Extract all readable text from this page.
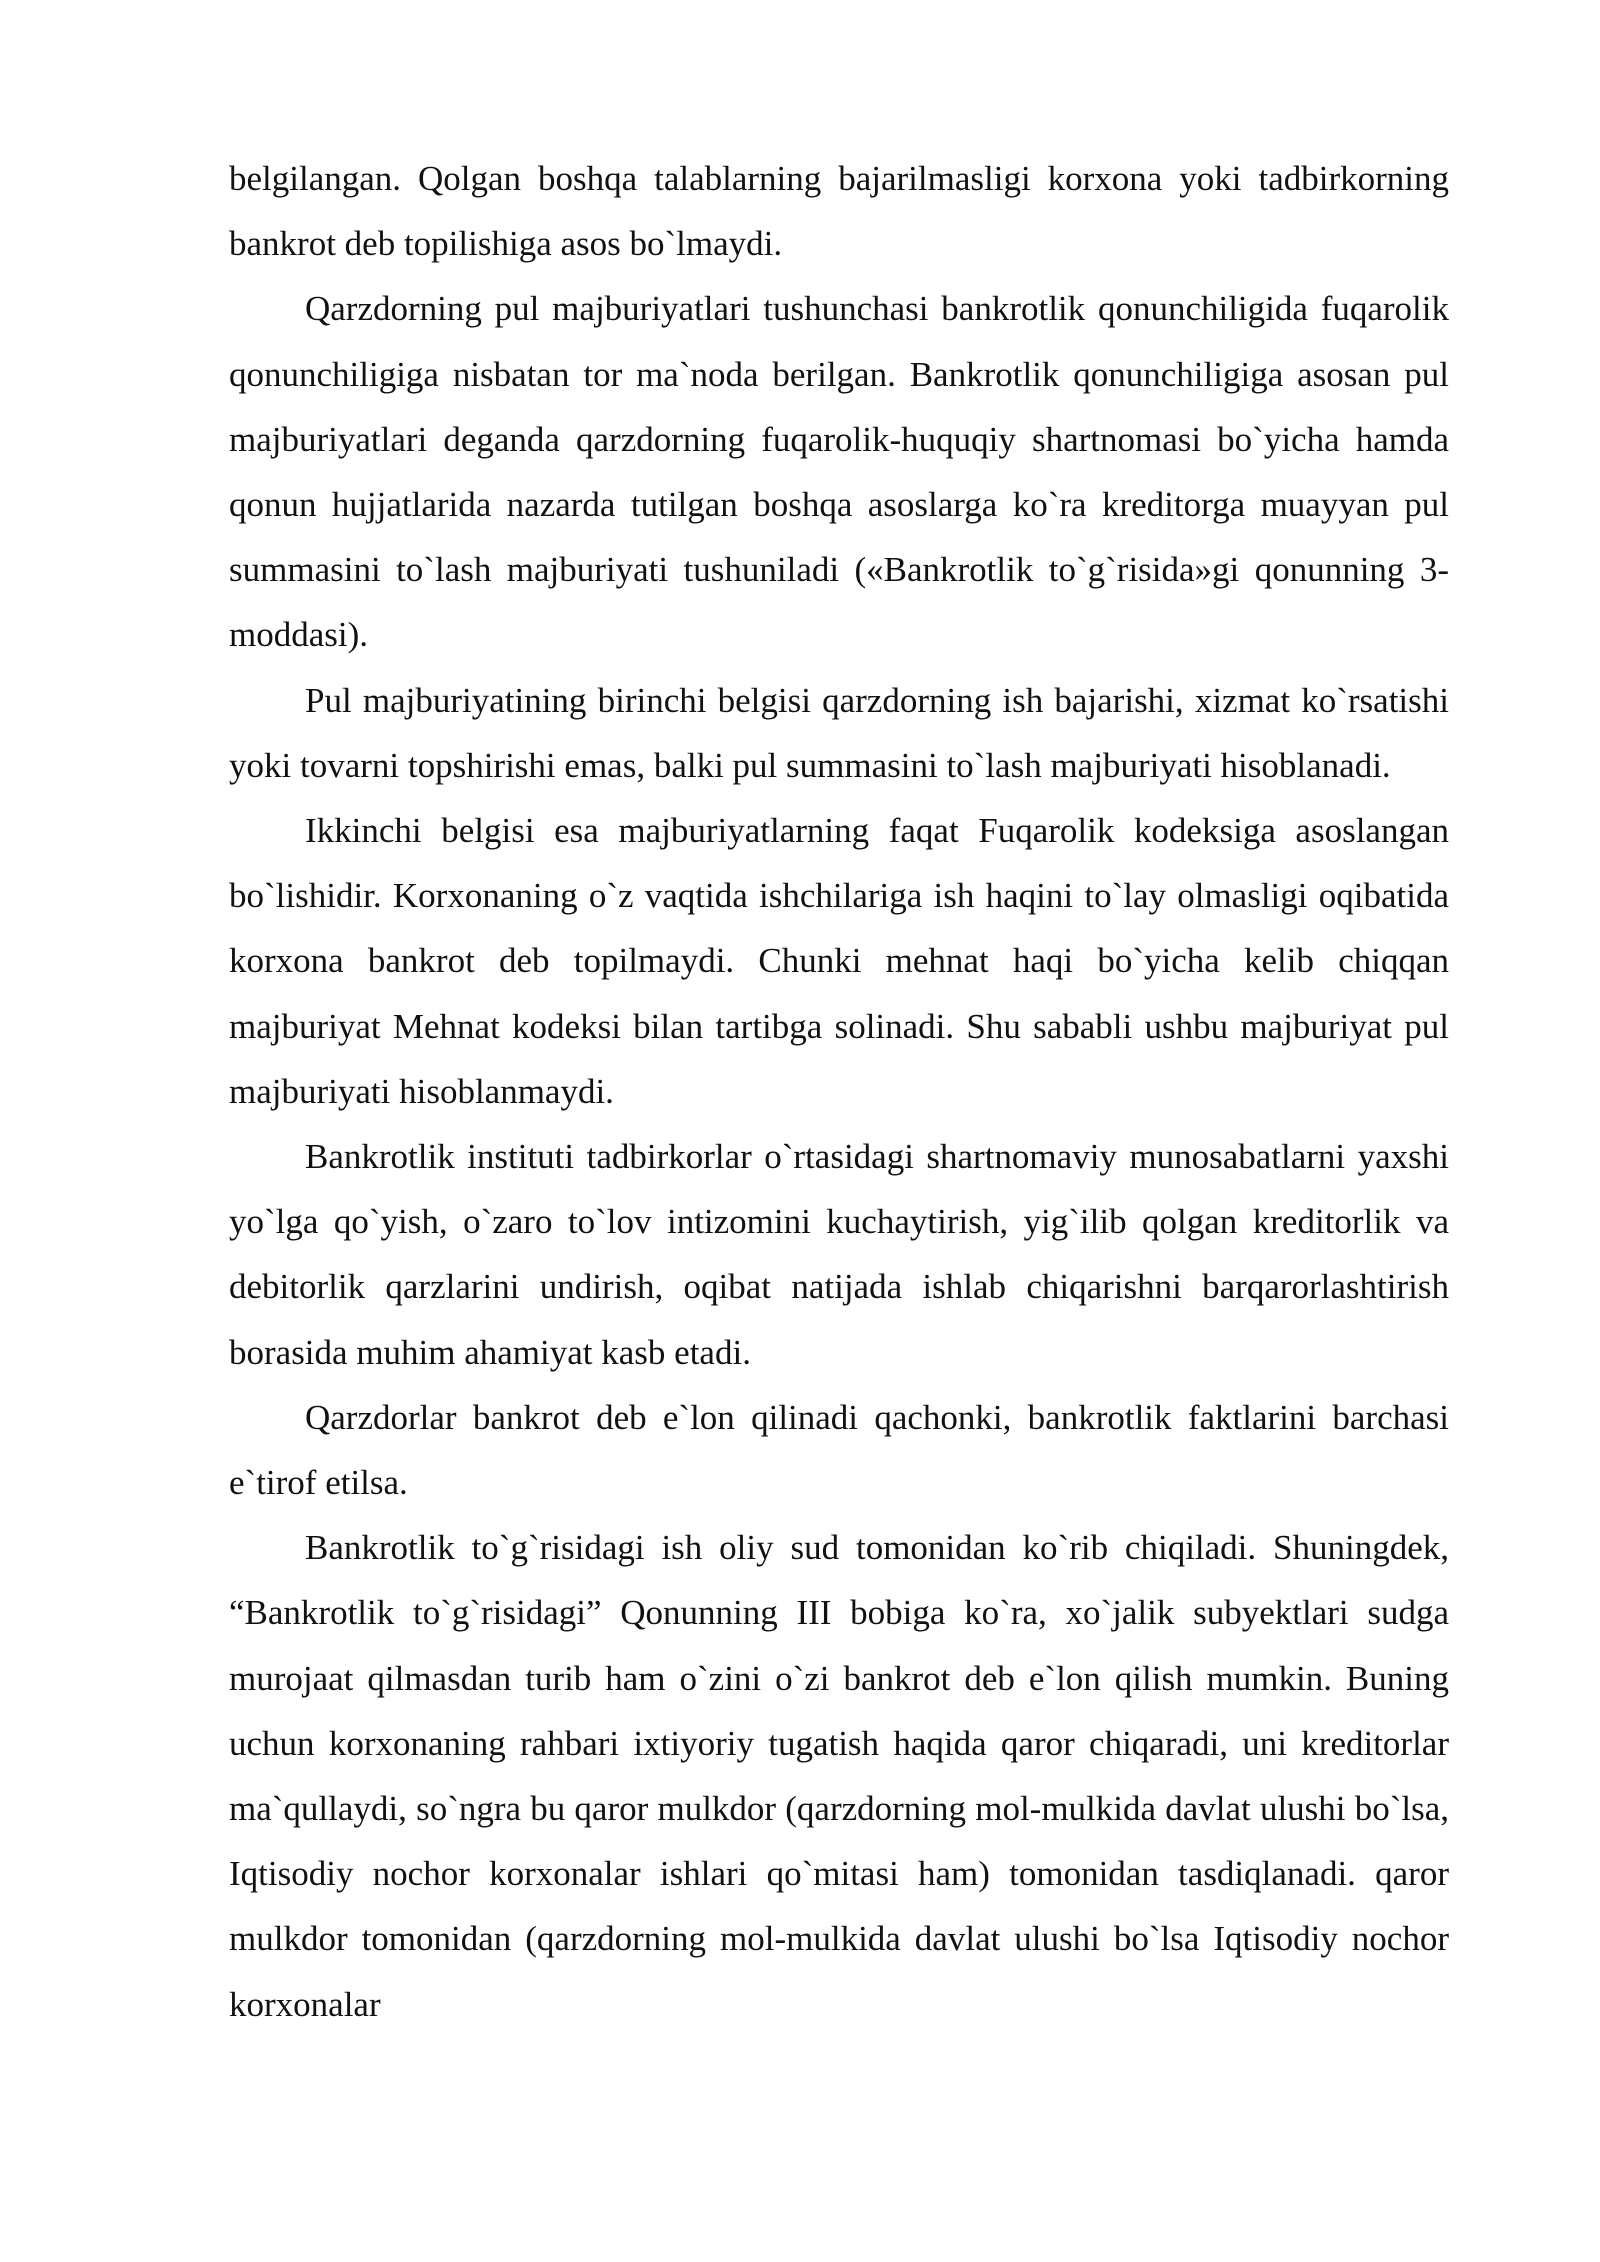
belgilangan. Qolgan boshqa talablarning bajarilmasligi korxona yoki tadbirkorning bankrot deb topilishiga asos bo`lmaydi.

Qarzdorning pul majburiyatlari tushunchasi bankrotlik qonunchiligida fuqarolik qonunchiligiga nisbatan tor ma`noda berilgan. Bankrotlik qonunchiligiga asosan pul majburiyatlari deganda qarzdorning fuqarolik-huquqiy shartnomasi bo`yicha hamda qonun hujjatlarida nazarda tutilgan boshqa asoslarga ko`ra kreditorga muayyan pul summasini to`lash majburiyati tushuniladi («Bankrotlik to`g`risida»gi qonunning 3-moddasi).

Pul majburiyatining birinchi belgisi qarzdorning ish bajarishi, xizmat ko`rsatishi yoki tovarni topshirishi emas, balki pul summasini to`lash majburiyati hisoblanadi.

Ikkinchi belgisi esa majburiyatlarning faqat Fuqarolik kodeksiga asoslangan bo`lishidir. Korxonaning o`z vaqtida ishchilariga ish haqini to`lay olmasligi oqibatida korxona bankrot deb topilmaydi. Chunki mehnat haqi bo`yicha kelib chiqqan majburiyat Mehnat kodeksi bilan tartibga solinadi. Shu sababli ushbu majburiyat pul majburiyati hisoblanmaydi.

Bankrotlik instituti tadbirkorlar o`rtasidagi shartnomaviy munosabatlarni yaxshi yo`lga qo`yish, o`zaro to`lov intizomini kuchaytirish, yig`ilib qolgan kreditorlik va debitorlik qarzlarini undirish, oqibat natijada ishlab chiqarishni barqarorlashtirish borasida muhim ahamiyat kasb etadi.

Qarzdorlar bankrot deb e`lon qilinadi qachonki, bankrotlik faktlarini barchasi e`tirof etilsa.

Bankrotlik to`g`risidagi ish oliy sud tomonidan ko`rib chiqiladi. Shuningdek, “Bankrotlik to`g`risidagi” Qonunning III bobiga ko`ra, xo`jalik subyektlari sudga murojaat qilmasdan turib ham o`zini o`zi bankrot deb e`lon qilish mumkin. Buning uchun korxonaning rahbari ixtiyoriy tugatish haqida qaror chiqaradi, uni kreditorlar ma`qullaydi, so`ngra bu qaror mulkdor (qarzdorning mol-mulkida davlat ulushi bo`lsa, Iqtisodiy nochor korxonalar ishlari qo`mitasi ham) tomonidan tasdiqlanadi. qaror mulkdor tomonidan (qarzdorning mol-mulkida davlat ulushi bo`lsa Iqtisodiy nochor korxonalar
